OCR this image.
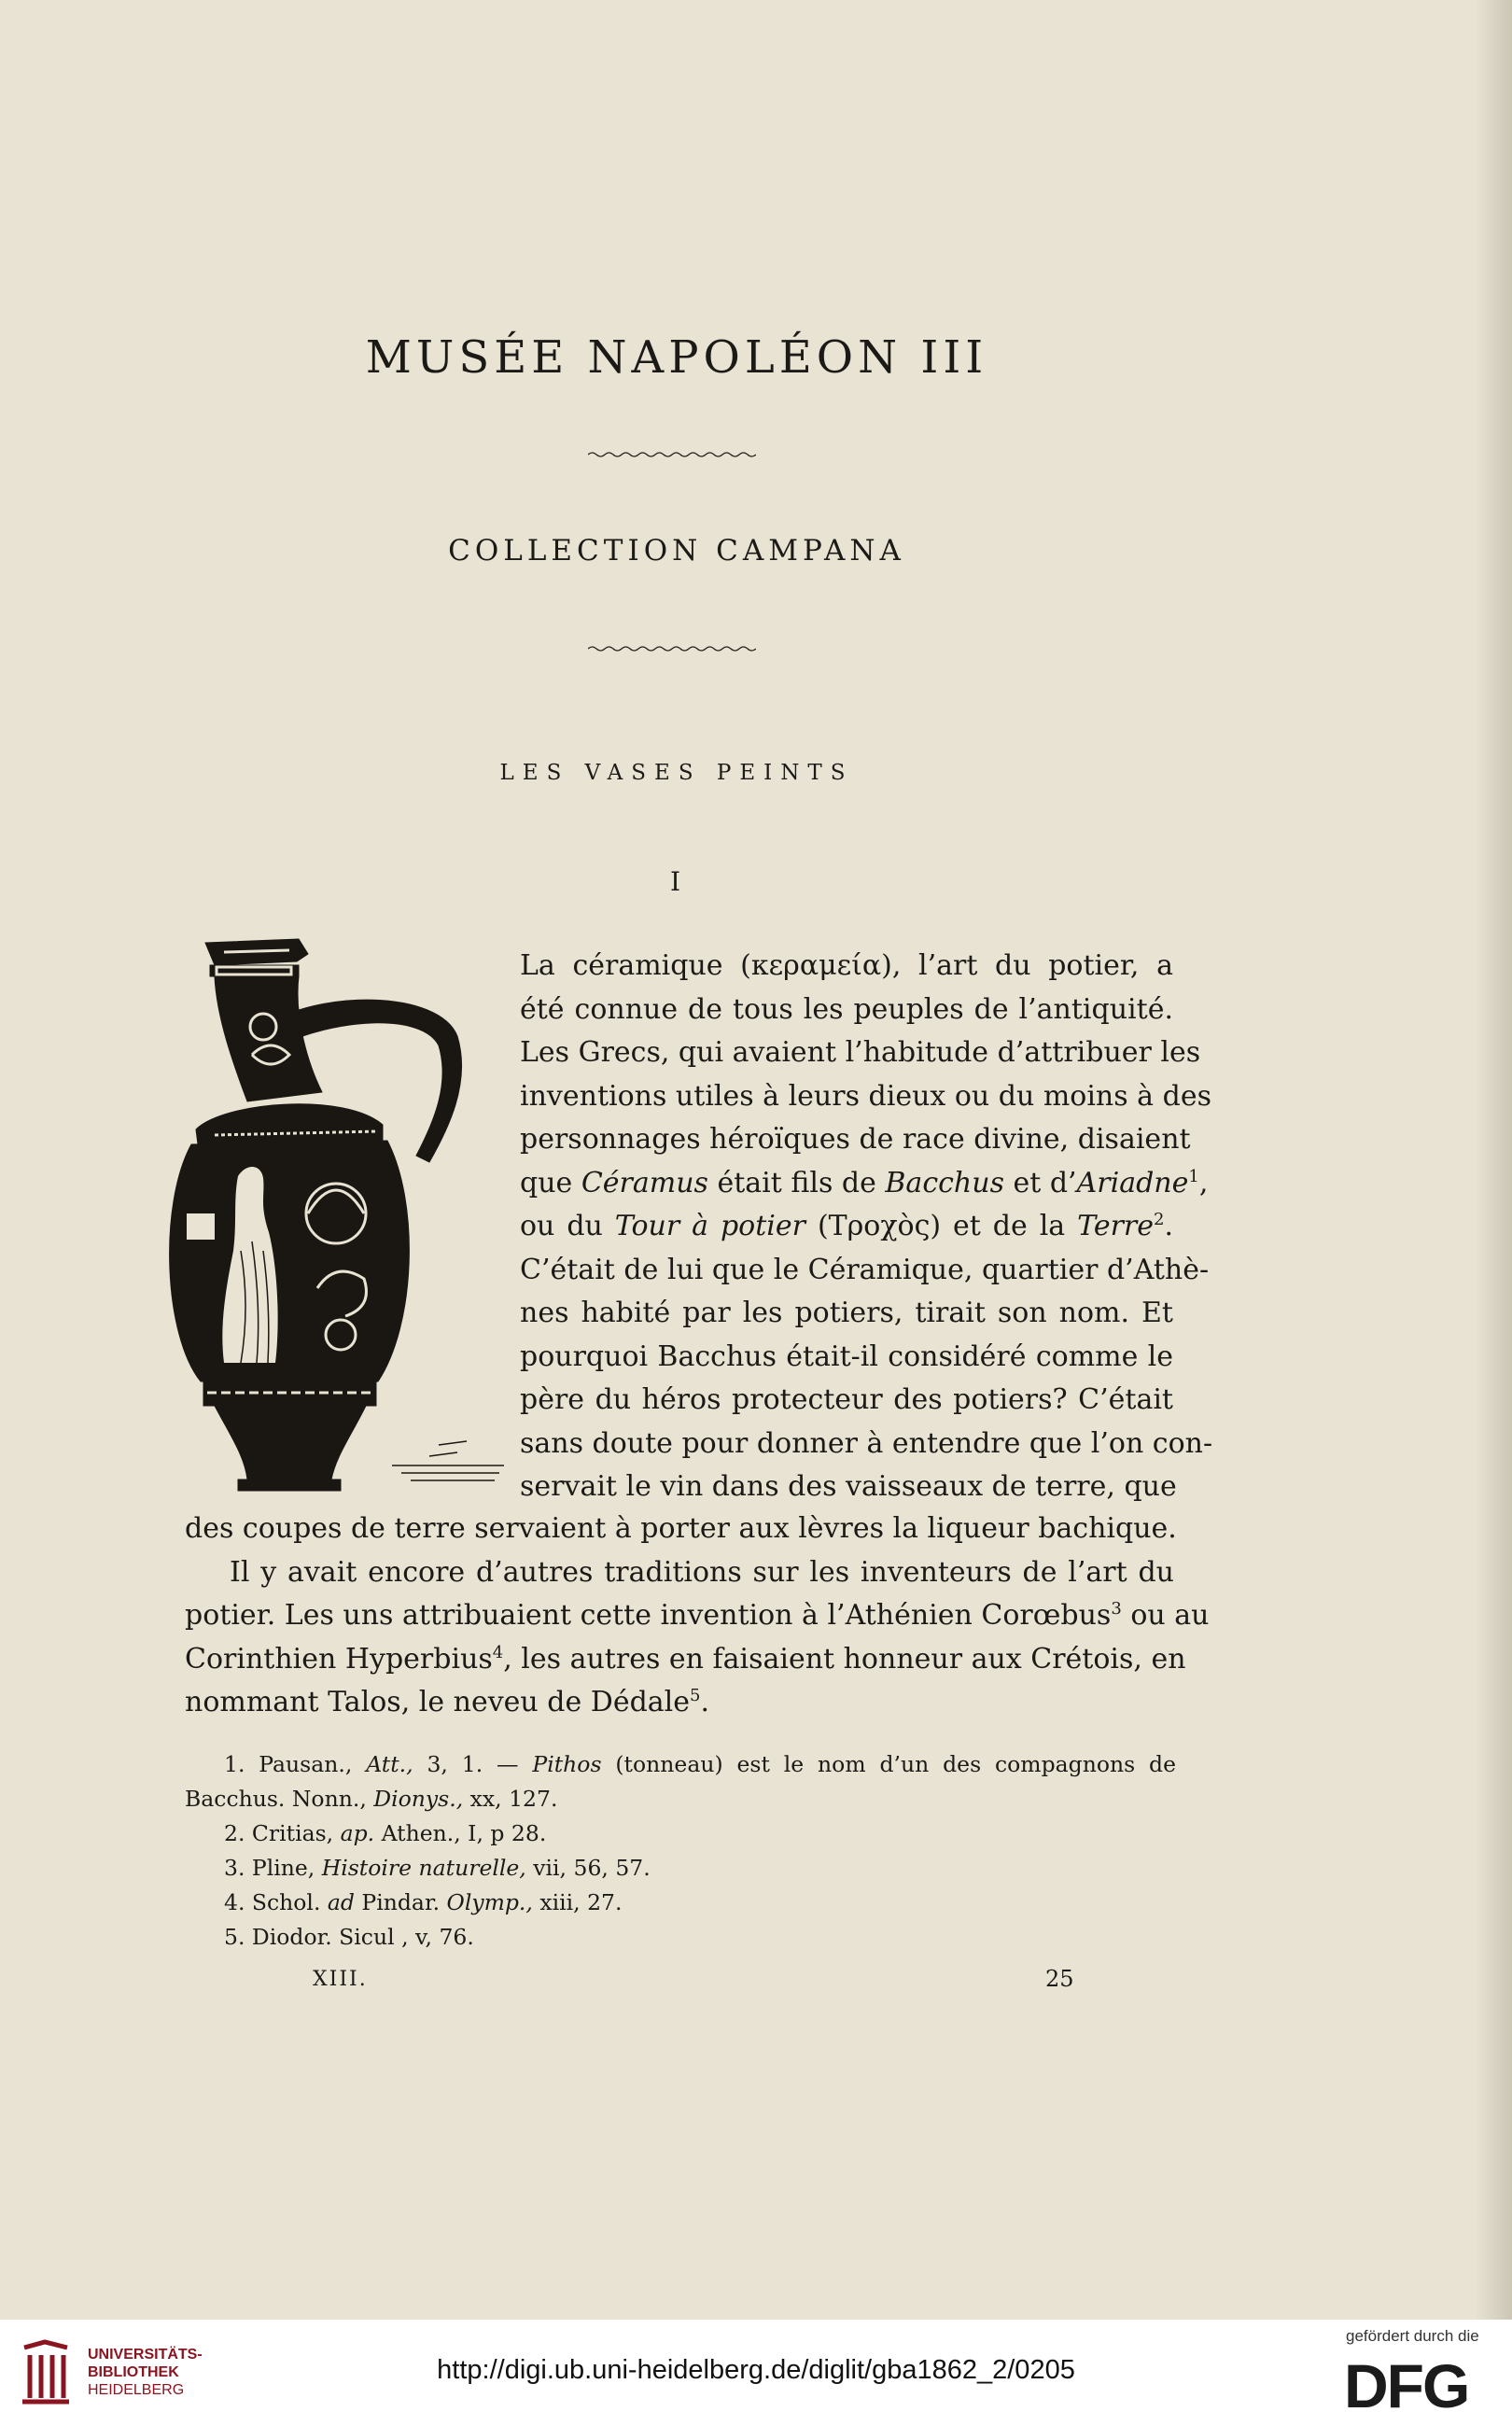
MUSÉE NAPOLÉON III
COLLECTION CAMPANA
LES VASES PEINTS
I
La céramique (κεραμεία), l’art du potier, a
été connue de tous les peuples de l’antiquité.
Les Grecs, qui avaient l’habitude d’attribuer les
inventions utiles à leurs dieux ou du moins à des
personnages héroïques de race divine, disaient
que Céramus était fils de Bacchus et d’Ariadne$^1$,
ou du Tour à potier (Τροχὸς) et de la Terre$^2$.
C’était de lui que le Céramique, quartier d’Athè-
nes habité par les potiers, tirait son nom. Et
pourquoi Bacchus était-il considéré comme le
père du héros protecteur des potiers? C’était
sans doute pour donner à entendre que l’on con-
servait le vin dans des vaisseaux de terre, que
des coupes de terre servaient à porter aux lèvres la liqueur bachique.
Il y avait encore d’autres traditions sur les inventeurs de l’art du
potier. Les uns attribuaient cette invention à l’Athénien Corœbus$^3$ ou au
Corinthien Hyperbius$^4$, les autres en faisaient honneur aux Crétois, en
nommant Talos, le neveu de Dédale$^5$.
1. Pausan., Att., 3, 1. — Pithos (tonneau) est le nom d’un des compagnons de
Bacchus. Nonn., Dionys., xx, 127.
2. Critias, ap. Athen., I, p 28.
3. Pline, Histoire naturelle, vii, 56, 57.
4. Schol. ad Pindar. Olymp., xiii, 27.
5. Diodor. Sicul , v, 76.
XIII.	25
UNIVERSITÄTS-
BIBLIOTHEK
HEIDELBERG
http://digi.ub.uni-heidelberg.de/diglit/gba1862_2/0205
gefördert durch die
DFG
